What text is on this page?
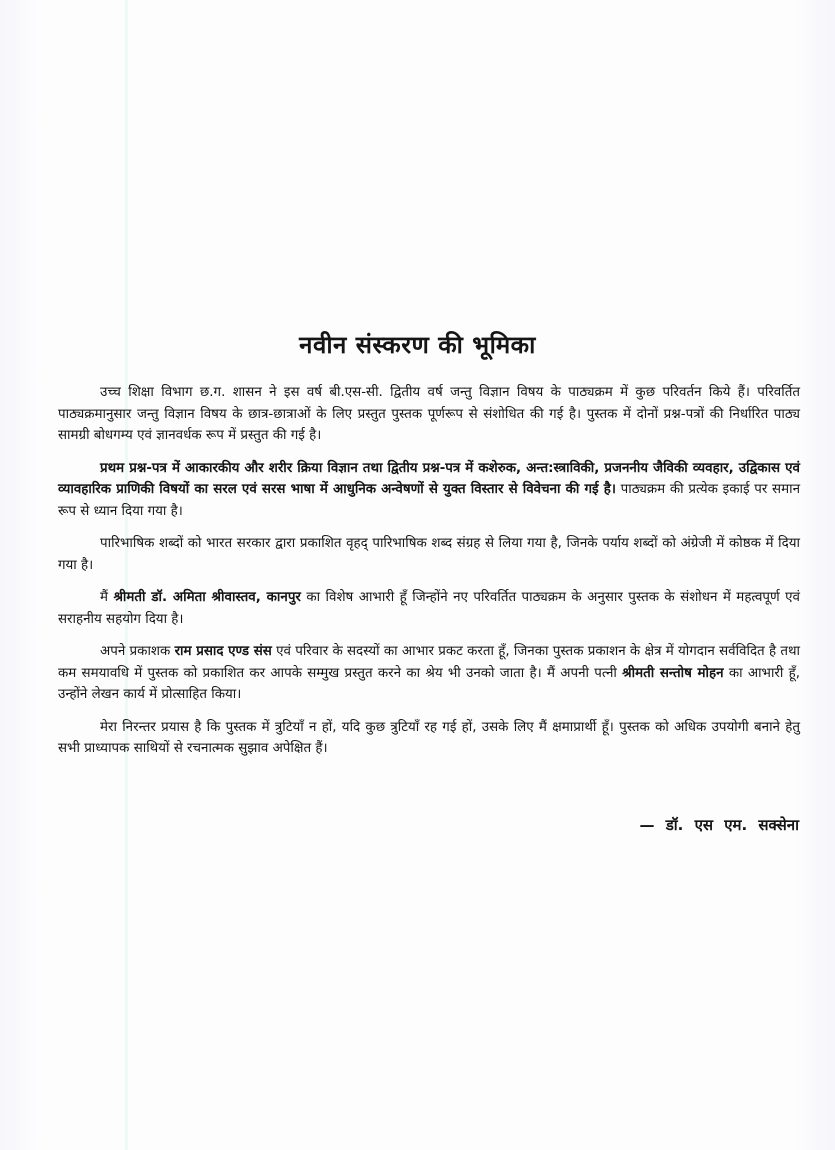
नवीन संस्करण की भूमिका

उच्च शिक्षा विभाग छ.ग. शासन ने इस वर्ष बी.एस-सी. द्वितीय वर्ष जन्तु विज्ञान विषय के पाठ्यक्रम में कुछ परिवर्तन किये हैं। परिवर्तित पाठ्यक्रमानुसार जन्तु विज्ञान विषय के छात्र-छात्राओं के लिए प्रस्तुत पुस्तक पूर्णरूप से संशोधित की गई है। पुस्तक में दोनों प्रश्न-पत्रों की निर्धारित पाठ्य सामग्री बोधगम्य एवं ज्ञानवर्धक रूप में प्रस्तुत की गई है।

प्रथम प्रश्न-पत्र में आकारकीय और शरीर क्रिया विज्ञान तथा द्वितीय प्रश्न-पत्र में कशेरुक, अन्त:स्त्राविकी, प्रजननीय जैविकी व्यवहार, उद्विकास एवं व्यावहारिक प्राणिकी विषयों का सरल एवं सरस भाषा में आधुनिक अन्वेषणों से युक्त विस्तार से विवेचना की गई है। पाठ्यक्रम की प्रत्येक इकाई पर समान रूप से ध्यान दिया गया है।

पारिभाषिक शब्दों को भारत सरकार द्वारा प्रकाशित वृहद् पारिभाषिक शब्द संग्रह से लिया गया है, जिनके पर्याय शब्दों को अंग्रेजी में कोष्ठक में दिया गया है।

मैं श्रीमती डॉ. अमिता श्रीवास्तव, कानपुर का विशेष आभारी हूँ जिन्होंने नए परिवर्तित पाठ्यक्रम के अनुसार पुस्तक के संशोधन में महत्वपूर्ण एवं सराहनीय सहयोग दिया है।

अपने प्रकाशक राम प्रसाद एण्ड संस एवं परिवार के सदस्यों का आभार प्रकट करता हूँ, जिनका पुस्तक प्रकाशन के क्षेत्र में योगदान सर्वविदित है तथा कम समयावधि में पुस्तक को प्रकाशित कर आपके सम्मुख प्रस्तुत करने का श्रेय भी उनको जाता है। मैं अपनी पत्नी श्रीमती सन्तोष मोहन का आभारी हूँ, उन्होंने लेखन कार्य में प्रोत्साहित किया।

मेरा निरन्तर प्रयास है कि पुस्तक में त्रुटियाँ न हों, यदि कुछ त्रुटियाँ रह गई हों, उसके लिए मैं क्षमाप्रार्थी हूँ। पुस्तक को अधिक उपयोगी बनाने हेतु सभी प्राध्यापक साथियों से रचनात्मक सुझाव अपेक्षित हैं।

— डॉ. एस एम. सक्सेना
